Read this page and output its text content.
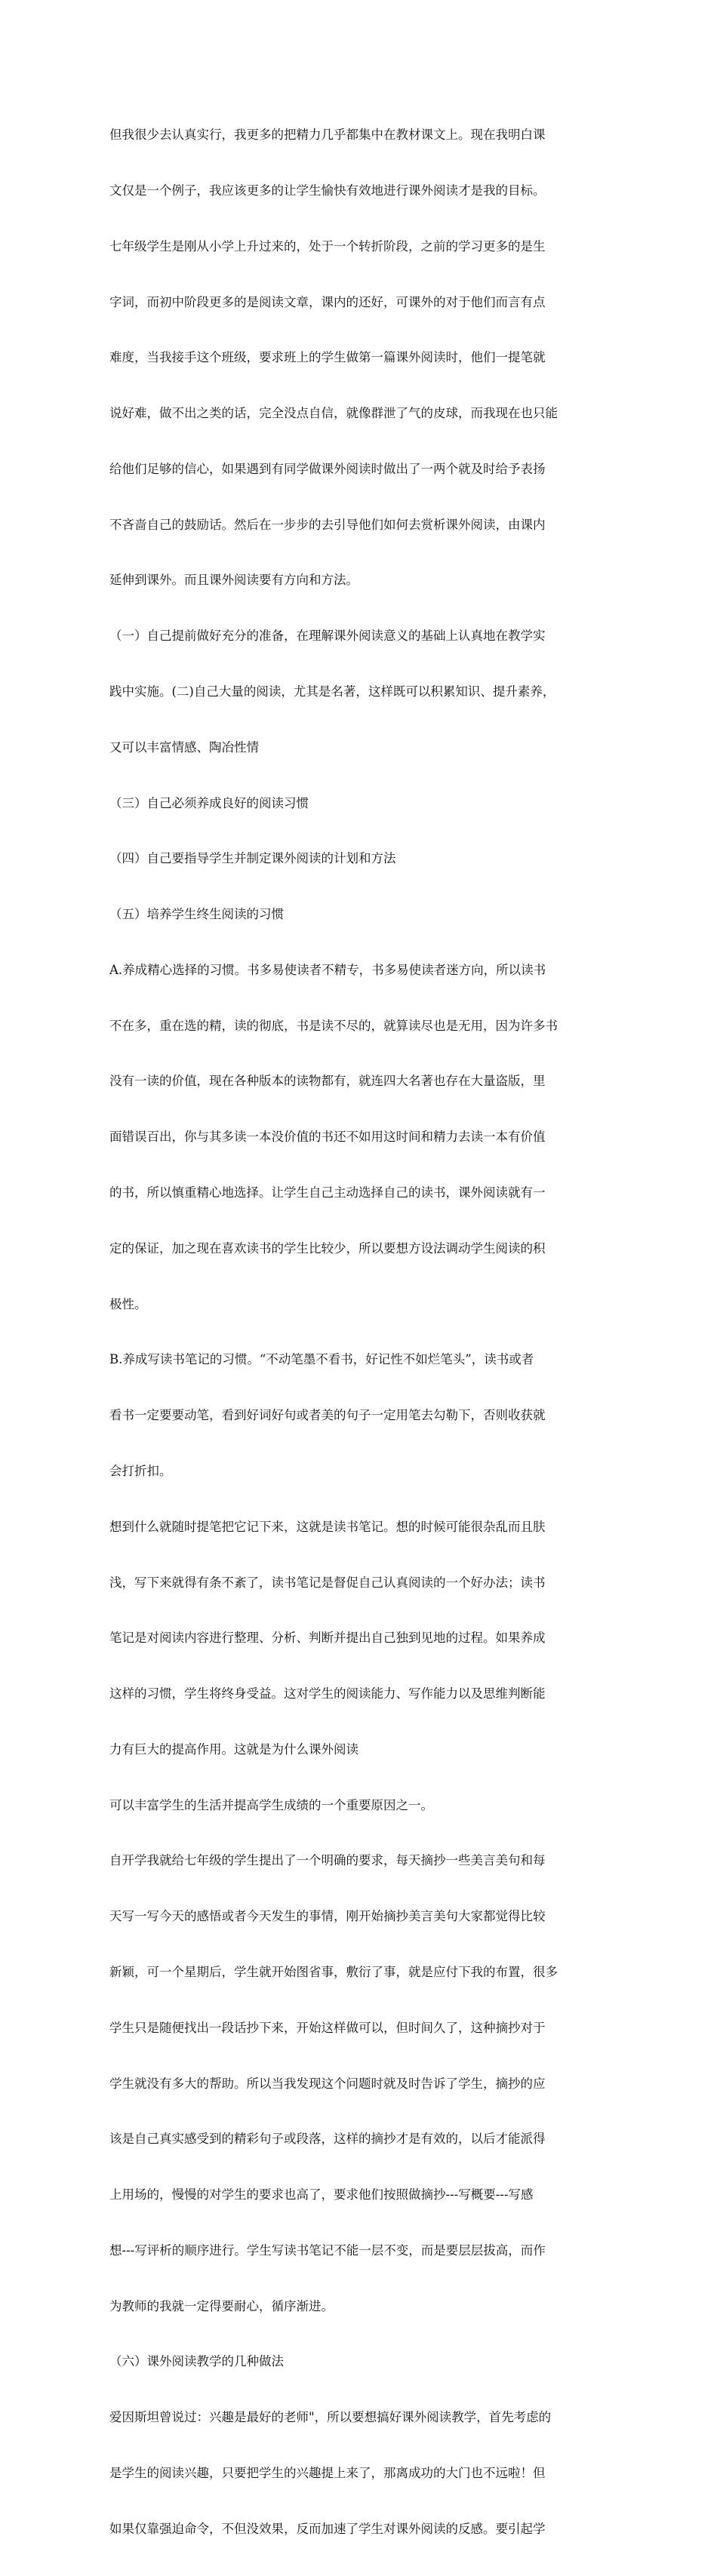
但我很少去认真实行，我更多的把精力几乎都集中在教材课文上。现在我明白课

文仅是一个例子，我应该更多的让学生愉快有效地进行课外阅读才是我的目标。

七年级学生是刚从小学上升过来的，处于一个转折阶段，之前的学习更多的是生

字词，而初中阶段更多的是阅读文章，课内的还好，可课外的对于他们而言有点

难度，当我接手这个班级，要求班上的学生做第一篇课外阅读时，他们一提笔就

说好难，做不出之类的话，完全没点自信，就像群泄了气的皮球，而我现在也只能

给他们足够的信心，如果遇到有同学做课外阅读时做出了一两个就及时给予表扬

不吝啬自己的鼓励话。然后在一步步的去引导他们如何去赏析课外阅读，由课内

延伸到课外。而且课外阅读要有方向和方法。

（一）自己提前做好充分的准备，在理解课外阅读意义的基础上认真地在教学实

践中实施。(二)自己大量的阅读，尤其是名著，这样既可以积累知识、提升素养，

又可以丰富情感、陶冶性情

（三）自己必须养成良好的阅读习惯

（四）自己要指导学生并制定课外阅读的计划和方法

（五）培养学生终生阅读的习惯

A.养成精心选择的习惯。书多易使读者不精专，书多易使读者迷方向，所以读书

不在多，重在选的精，读的彻底，书是读不尽的，就算读尽也是无用，因为许多书

没有一读的价值，现在各种版本的读物都有，就连四大名著也存在大量盗版，里

面错误百出，你与其多读一本没价值的书还不如用这时间和精力去读一本有价值

的书，所以慎重精心地选择。让学生自己主动选择自己的读书，课外阅读就有一

定的保证，加之现在喜欢读书的学生比较少，所以要想方设法调动学生阅读的积

极性。

B.养成写读书笔记的习惯。“不动笔墨不看书，好记性不如烂笔头”，读书或者

看书一定要要动笔，看到好词好句或者美的句子一定用笔去勾勒下，否则收获就

会打折扣。

想到什么就随时提笔把它记下来，这就是读书笔记。想的时候可能很杂乱而且肤

浅，写下来就得有条不紊了，读书笔记是督促自己认真阅读的一个好办法；读书

笔记是对阅读内容进行整理、分析、判断并提出自己独到见地的过程。如果养成

这样的习惯，学生将终身受益。这对学生的阅读能力、写作能力以及思维判断能

力有巨大的提高作用。这就是为什么课外阅读

可以丰富学生的生活并提高学生成绩的一个重要原因之一。

自开学我就给七年级的学生提出了一个明确的要求，每天摘抄一些美言美句和每

天写一写今天的感悟或者今天发生的事情，刚开始摘抄美言美句大家都觉得比较

新颖，可一个星期后，学生就开始图省事，敷衍了事，就是应付下我的布置，很多

学生只是随便找出一段话抄下来，开始这样做可以，但时间久了，这种摘抄对于

学生就没有多大的帮助。所以当我发现这个问题时就及时告诉了学生，摘抄的应

该是自己真实感受到的精彩句子或段落，这样的摘抄才是有效的，以后才能派得

上用场的，慢慢的对学生的要求也高了，要求他们按照做摘抄---写概要---写感

想---写评析的顺序进行。学生写读书笔记不能一层不变，而是要层层拔高，而作

为教师的我就一定得要耐心，循序渐进。

（六）课外阅读教学的几种做法

爱因斯坦曾说过：兴趣是最好的老师"，所以要想搞好课外阅读教学，首先考虑的

是学生的阅读兴趣，只要把学生的兴趣提上来了，那离成功的大门也不远啦！但

如果仅靠强迫命令，不但没效果，反而加速了学生对课外阅读的反感。要引起学
